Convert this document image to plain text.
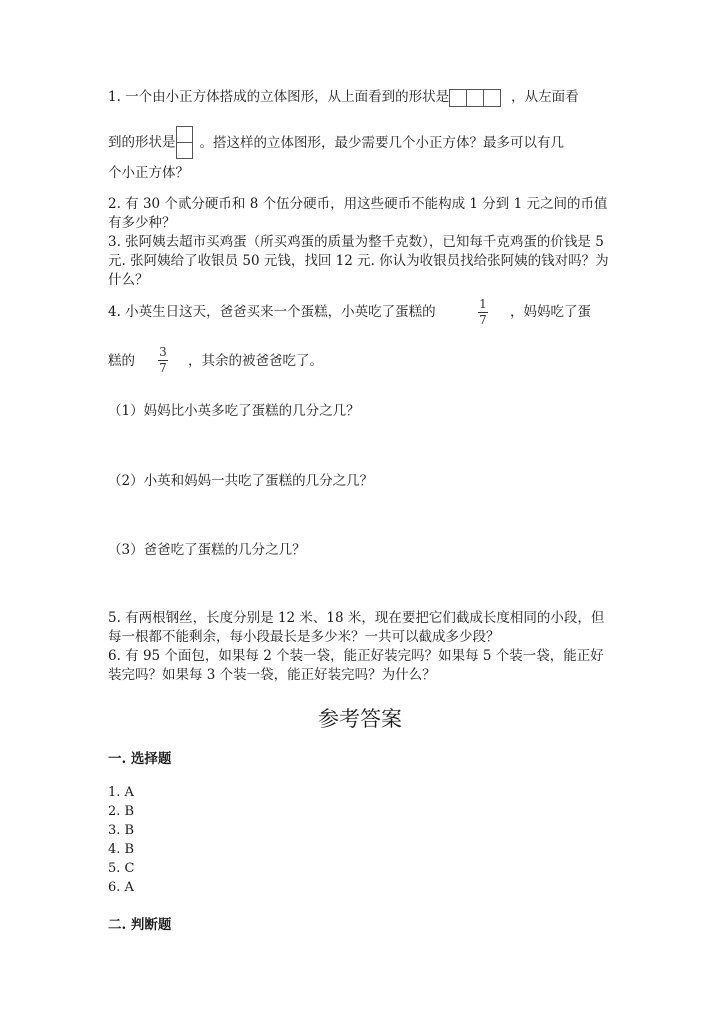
1. 一个由小正方体搭成的立体图形，从上面看到的形状是	，从左面看
到的形状是 。搭这样的立体图形，最少需要几个小正方体？最多可以有几
个小正方体？
2. 有 30 个贰分硬币和 8 个伍分硬币，用这些硬币不能构成 1 分到 1 元之间的币值有多少种？
3. 张阿姨去超市买鸡蛋（所买鸡蛋的质量为整千克数），已知每千克鸡蛋的价钱是 5 元. 张阿姨给了收银员 50 元钱，找回 12 元. 你认为收银员找给张阿姨的钱对吗？为什么？
4. 小英生日这天，爸爸买来一个蛋糕，小英吃了蛋糕的	1
7 ，妈妈吃了蛋
糕的
3
7 ，其余的被爸爸吃了。
（1）妈妈比小英多吃了蛋糕的几分之几？
（2）小英和妈妈一共吃了蛋糕的几分之几？
（3）爸爸吃了蛋糕的几分之几？
5. 有两根钢丝，长度分别是 12 米、18 米，现在要把它们截成长度相同的小段，但每一根都不能剩余，每小段最长是多少米？一共可以截成多少段？
6. 有 95 个面包，如果每 2 个装一袋，能正好装完吗？如果每 5 个装一袋，能正好装完吗？如果每 3 个装一袋，能正好装完吗？为什么？
参考答案
一. 选择题
1. A
2. B
3. B
4. B
5. C
6. A
二. 判断题
